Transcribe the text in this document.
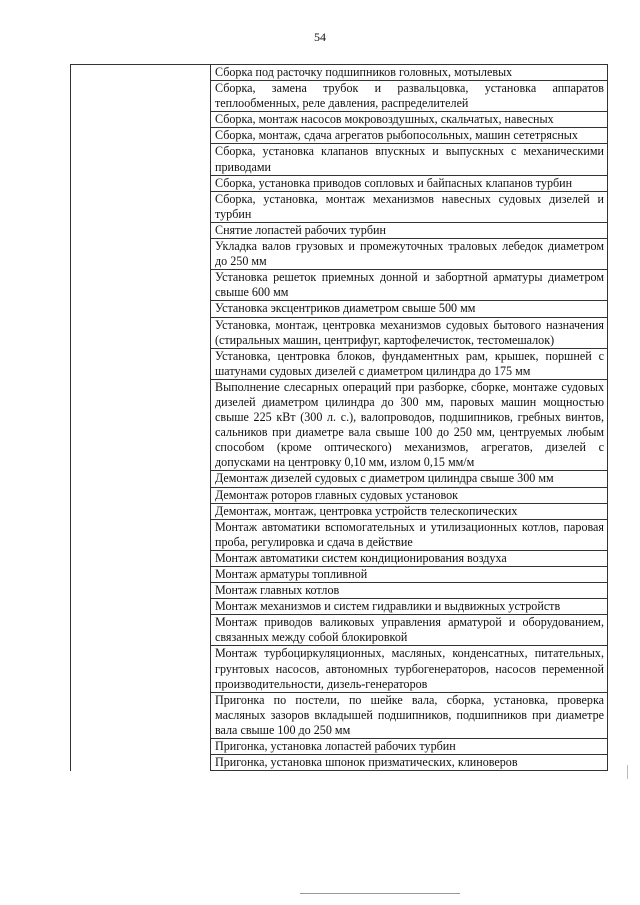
54
	Сборка под расточку подшипников головных, мотылевых
Сборка, замена трубок и развальцовка, установка аппаратов теплообменных, реле давления, распределителей
Сборка, монтаж насосов мокровоздушных, скальчатых, навесных
Сборка, монтаж, сдача агрегатов рыбопосольных, машин сететрясных
Сборка, установка клапанов впускных и выпускных с механическими приводами
Сборка, установка приводов сопловых и байпасных клапанов турбин
Сборка, установка, монтаж механизмов навесных судовых дизелей и турбин
Снятие лопастей рабочих турбин
Укладка валов грузовых и промежуточных траловых лебедок диаметром до 250 мм
Установка решеток приемных донной и забортной арматуры диаметром свыше 600 мм
Установка эксцентриков диаметром свыше 500 мм
Установка, монтаж, центровка механизмов судовых бытового назначения (стиральных машин, центрифуг, картофелечисток, тестомешалок)
Установка, центровка блоков, фундаментных рам, крышек, поршней с шатунами судовых дизелей с диаметром цилиндра до 175 мм
Выполнение слесарных операций при разборке, сборке, монтаже судовых дизелей диаметром цилиндра до 300 мм, паровых машин мощностью свыше 225 кВт (300 л. с.), валопроводов, подшипников, гребных винтов, сальников при диаметре вала свыше 100 до 250 мм, центруемых любым способом (кроме оптического) механизмов, агрегатов, дизелей с допусками на центровку 0,10 мм, излом 0,15 мм/м
Демонтаж дизелей судовых с диаметром цилиндра свыше 300 мм
Демонтаж роторов главных судовых установок
Демонтаж, монтаж, центровка устройств телескопических
Монтаж автоматики вспомогательных и утилизационных котлов, паровая проба, регулировка и сдача в действие
Монтаж автоматики систем кондиционирования воздуха
Монтаж арматуры топливной
Монтаж главных котлов
Монтаж механизмов и систем гидравлики и выдвижных устройств
Монтаж приводов валиковых управления арматурой и оборудованием, связанных между собой блокировкой
Монтаж турбоциркуляционных, масляных, конденсатных, питательных, грунтовых насосов, автономных турбогенераторов, насосов переменной производительности, дизель-генераторов
Пригонка по постели, по шейке вала, сборка, установка, проверка масляных зазоров вкладышей подшипников, подшипников при диаметре вала свыше 100 до 250 мм
Пригонка, установка лопастей рабочих турбин
Пригонка, установка шпонок призматических, клиноверов
